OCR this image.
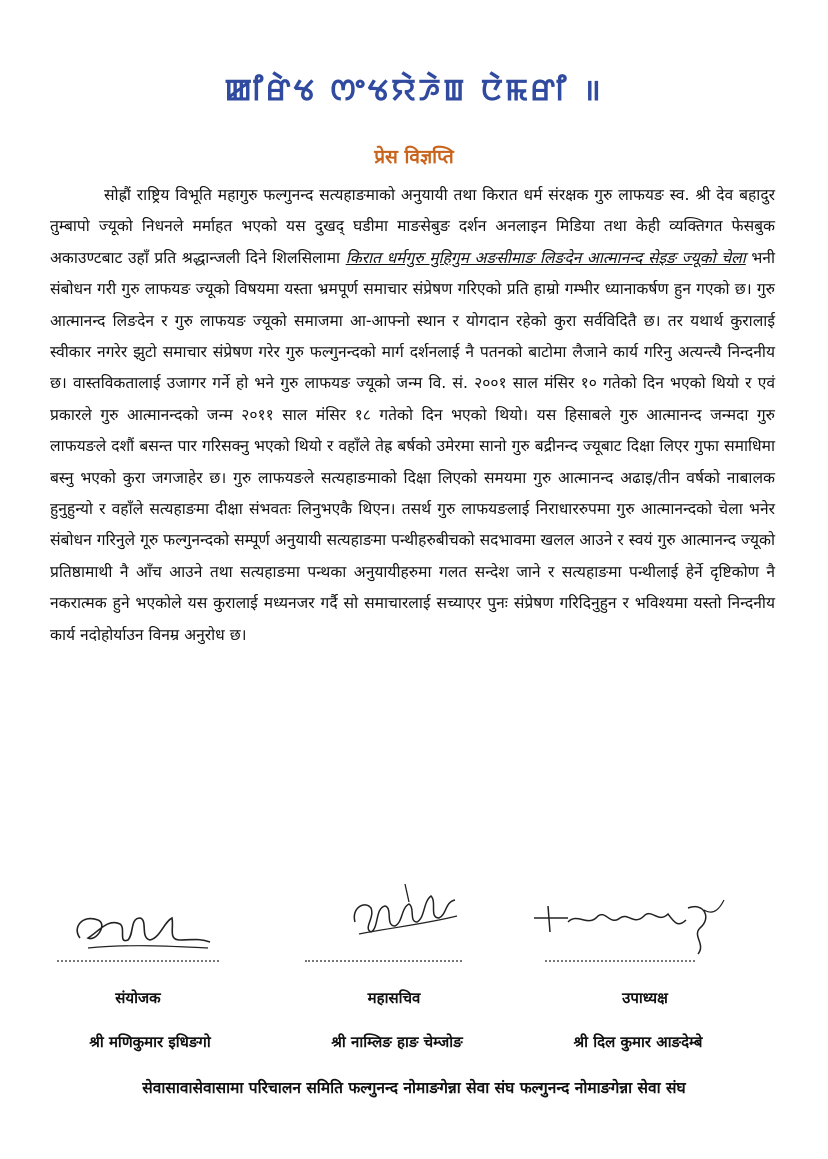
ꯀꯤꯔꯥꯠ ꯁꯦꯠꯌꯥꯍꯥꯡ ꯅꯥꯃꯔꯤ ॥
प्रेस विज्ञप्ति
सोह्रौं राष्ट्रिय विभूति महागुरु फल्गुनन्द सत्यहाङमाको अनुयायी तथा किरात धर्म संरक्षक गुरु लाफयङ स्व. श्री देव बहादुर तुम्बापो ज्यूको निधनले मर्माहत भएको यस दुखद् घडीमा माङसेबुङ दर्शन अनलाइन मिडिया तथा केही व्यक्तिगत फेसबुक अकाउण्टबाट उहाँ प्रति श्रद्धान्जली दिने शिलसिलामा किरात धर्मगुरु मुहिगुम अङसीमाङ लिङदेन आत्मानन्द सेइङ ज्यूको चेला भनी संबोधन गरी गुरु लाफयङ ज्यूको विषयमा यस्ता भ्रमपूर्ण समाचार संप्रेषण गरिएको प्रति हाम्रो गम्भीर ध्यानाकर्षण हुन गएको छ। गुरु आत्मानन्द लिङदेन र गुरु लाफयङ ज्यूको समाजमा आ-आफ्नो स्थान र योगदान रहेको कुरा सर्वविदितै छ। तर यथार्थ कुरालाई स्वीकार नगरेर झुटो समाचार संप्रेषण गरेर गुरु फल्गुनन्दको मार्ग दर्शनलाई नै पतनको बाटोमा लैजाने कार्य गरिनु अत्यन्त्यै निन्दनीय छ। वास्तविकतालाई उजागर गर्ने हो भने गुरु लाफयङ ज्यूको जन्म वि. सं. २००१ साल मंसिर १० गतेको दिन भएको थियो र एवं प्रकारले गुरु आत्मानन्दको जन्म २०११ साल मंसिर १८ गतेको दिन भएको थियो। यस हिसाबले गुरु आत्मानन्द जन्मदा गुरु लाफयङले दशौं बसन्त पार गरिसक्नु भएको थियो र वहाँले तेह्र बर्षको उमेरमा सानो गुरु बद्रीनन्द ज्यूबाट दिक्षा लिएर गुफा समाधिमा बस्नु भएको कुरा जगजाहेर छ। गुरु लाफयङले सत्यहाङमाको दिक्षा लिएको समयमा गुरु आत्मानन्द अढाइ/तीन वर्षको नाबालक हुनुहुन्यो र वहाँले सत्यहाङमा दीक्षा संभवतः लिनुभएकै थिएन। तसर्थ गुरु लाफयङलाई निराधाररुपमा गुरु आत्मानन्दको चेला भनेर संबोधन गरिनुले गूरु फल्गुनन्दको सम्पूर्ण अनुयायी सत्यहाङमा पन्थीहरुबीचको सदभावमा खलल आउने र स्वयं गुरु आत्मानन्द ज्यूको प्रतिष्ठामाथी नै आँच आउने तथा सत्यहाङमा पन्थका अनुयायीहरुमा गलत सन्देश जाने र सत्यहाङमा पन्थीलाई हेर्ने दृष्टिकोण नै नकरात्मक हुने भएकोले यस कुरालाई मध्यनजर गर्दै सो समाचारलाई सच्याएर पुनः संप्रेषण गरिदिनुहुन र भविश्यमा यस्तो निन्दनीय कार्य नदोहोर्याउन विनम्र अनुरोध छ।
संयोजक	महासचिव	उपाध्यक्ष
श्री मणिकुमार इधिङगो	श्री नाम्लिङ हाङ चेम्जोङ	श्री दिल कुमार आङदेम्बे
सेवासावासेवासामा परिचालन समिति फल्गुनन्द नोमाङगेन्ना सेवा संघ फल्गुनन्द नोमाङगेन्ना सेवा संघ
